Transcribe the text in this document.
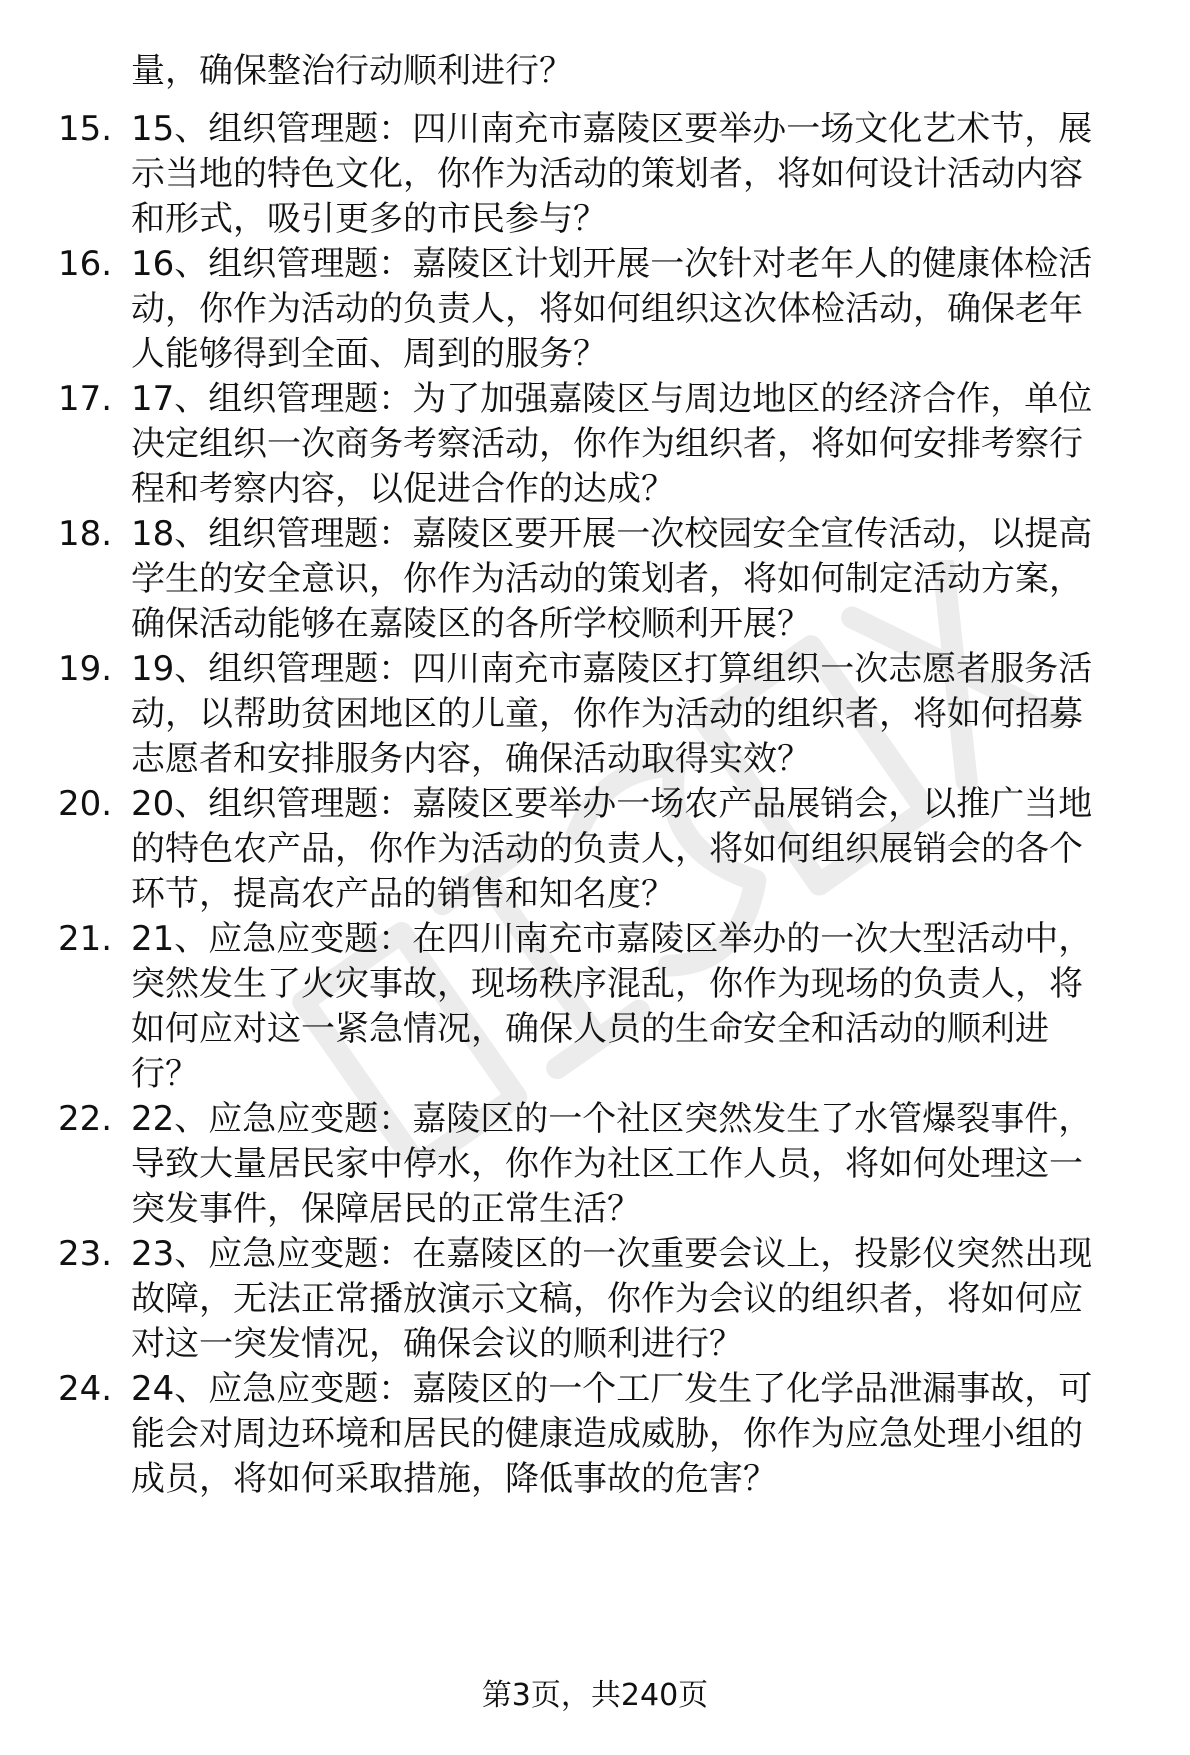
量，确保整治行动顺利进行？
15. 15、组织管理题：四川南充市嘉陵区要举办一场文化艺术节，展
示当地的特色文化，你作为活动的策划者，将如何设计活动内容
和形式，吸引更多的市民参与？
16. 16、组织管理题：嘉陵区计划开展一次针对老年人的健康体检活
动，你作为活动的负责人，将如何组织这次体检活动，确保老年
人能够得到全面、周到的服务？
17. 17、组织管理题：为了加强嘉陵区与周边地区的经济合作，单位
决定组织一次商务考察活动，你作为组织者，将如何安排考察行
程和考察内容，以促进合作的达成？
18. 18、组织管理题：嘉陵区要开展一次校园安全宣传活动，以提高
学生的安全意识，你作为活动的策划者，将如何制定活动方案，
确保活动能够在嘉陵区的各所学校顺利开展？
19. 19、组织管理题：四川南充市嘉陵区打算组织一次志愿者服务活
动，以帮助贫困地区的儿童，你作为活动的组织者，将如何招募
志愿者和安排服务内容，确保活动取得实效？
20. 20、组织管理题：嘉陵区要举办一场农产品展销会，以推广当地
的特色农产品，你作为活动的负责人，将如何组织展销会的各个
环节，提高农产品的销售和知名度？
21. 21、应急应变题：在四川南充市嘉陵区举办的一次大型活动中，
突然发生了火灾事故，现场秩序混乱，你作为现场的负责人，将
如何应对这一紧急情况，确保人员的生命安全和活动的顺利进
行？
22. 22、应急应变题：嘉陵区的一个社区突然发生了水管爆裂事件，
导致大量居民家中停水，你作为社区工作人员，将如何处理这一
突发事件，保障居民的正常生活？
23. 23、应急应变题：在嘉陵区的一次重要会议上，投影仪突然出现
故障，无法正常播放演示文稿，你作为会议的组织者，将如何应
对这一突发情况，确保会议的顺利进行？
24. 24、应急应变题：嘉陵区的一个工厂发生了化学品泄漏事故，可
能会对周边环境和居民的健康造成威胁，你作为应急处理小组的
成员，将如何采取措施，降低事故的危害？
第3页，共240页
